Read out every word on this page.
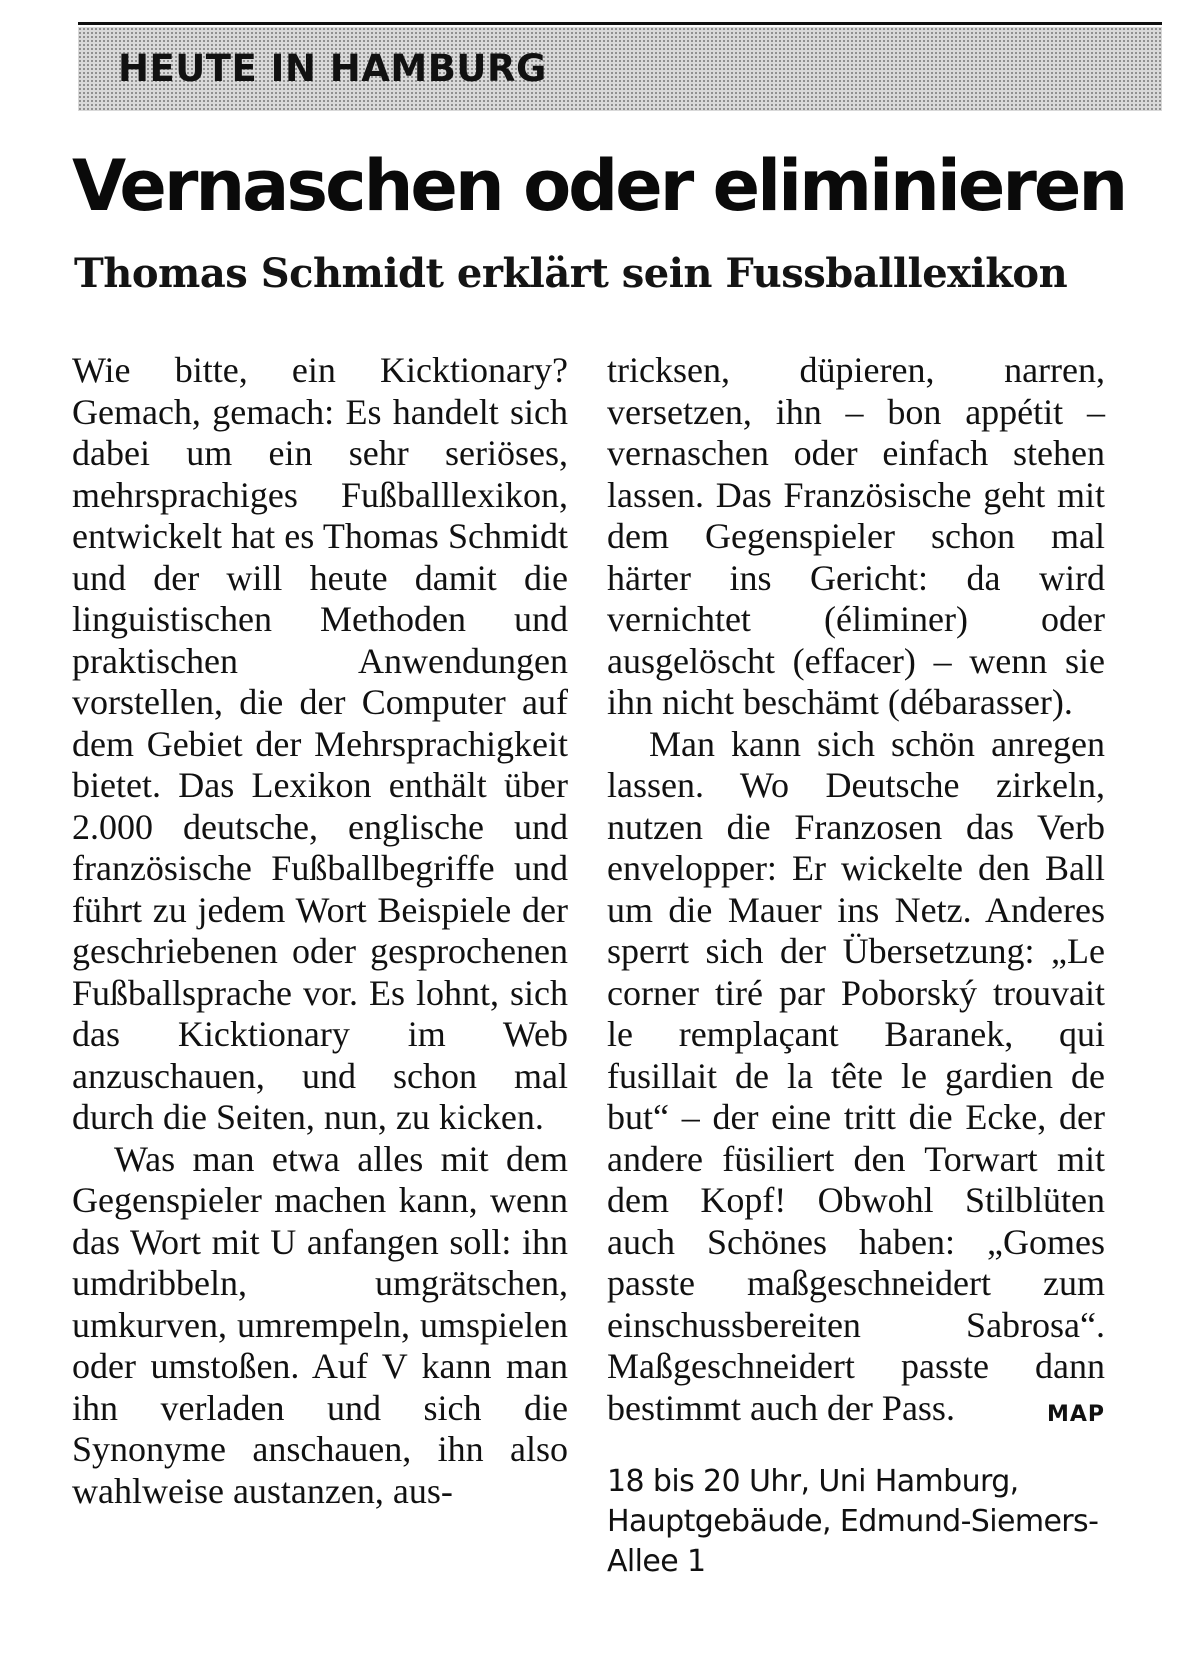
HEUTE IN HAMBURG
Vernaschen oder eliminieren
Thomas Schmidt erklärt sein Fussballlexikon

Wie bitte, ein Kicktionary? Gemach, gemach: Es handelt sich dabei um ein sehr seriöses, mehrsprachiges Fußballlexikon, entwickelt hat es Thomas Schmidt und der will heute damit die linguistischen Methoden und praktischen Anwendungen vorstellen, die der Computer auf dem Gebiet der Mehrsprachigkeit bietet. Das Lexikon enthält über 2.000 deutsche, englische und französische Fußballbegriffe und führt zu jedem Wort Beispiele der geschriebenen oder gesprochenen Fußballsprache vor. Es lohnt, sich das Kicktionary im Web anzuschauen, und schon mal durch die Seiten, nun, zu kicken.

Was man etwa alles mit dem Gegenspieler machen kann, wenn das Wort mit U anfangen soll: ihn umdribbeln, umgrätschen, umkurven, umrempeln, umspielen oder umstoßen. Auf V kann man ihn verladen und sich die Synonyme anschauen, ihn also wahlweise austanzen, aus-

tricksen, düpieren, narren, versetzen, ihn – bon appétit – vernaschen oder einfach stehen lassen. Das Französische geht mit dem Gegenspieler schon mal härter ins Gericht: da wird vernichtet (éliminer) oder ausgelöscht (effacer) – wenn sie ihn nicht beschämt (débarasser).

Man kann sich schön anregen lassen. Wo Deutsche zirkeln, nutzen die Franzosen das Verb envelopper: Er wickelte den Ball um die Mauer ins Netz. Anderes sperrt sich der Übersetzung: „Le corner tiré par Poborský trouvait le remplaçant Baranek, qui fusillait de la tête le gardien de but“ – der eine tritt die Ecke, der andere füsiliert den Torwart mit dem Kopf! Obwohl Stilblüten auch Schönes haben: „Gomes passte maßgeschneidert zum einschussbereiten Sabrosa“. Maßgeschneidert passte dann bestimmt auch der Pass.	MAP

18 bis 20 Uhr, Uni Hamburg, Hauptgebäude, Edmund-Siemers-Allee 1
